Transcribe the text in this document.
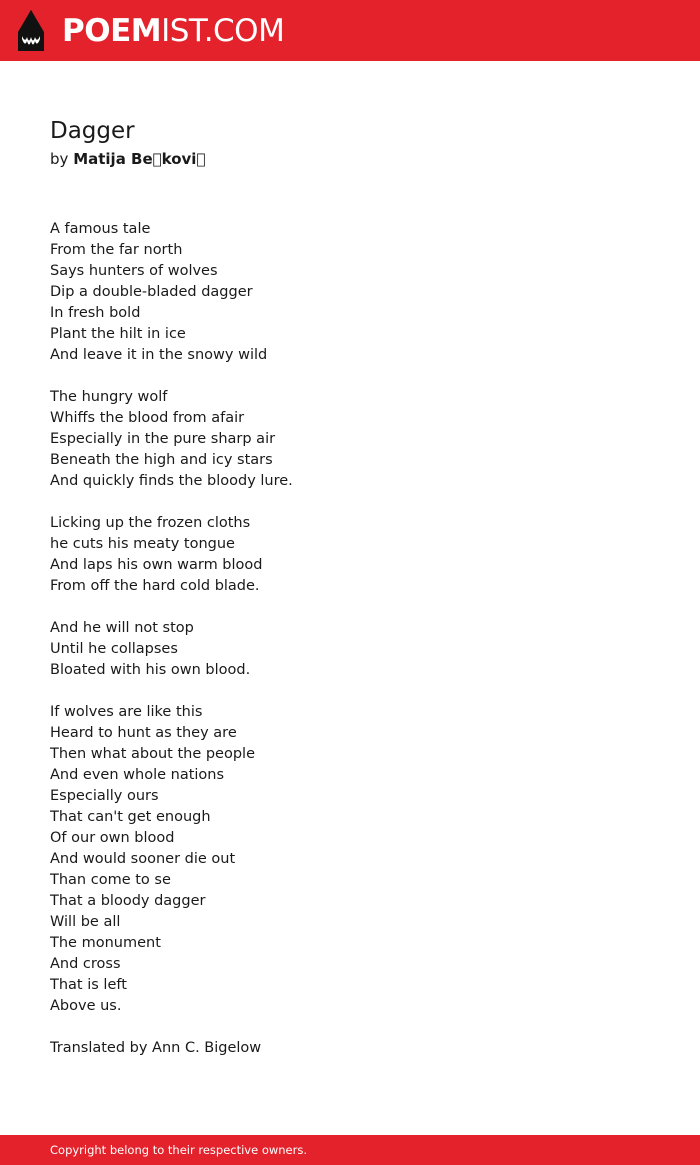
POEMIST.COM
Dagger
by Matija Be kovi 
A famous tale
From the far north
Says hunters of wolves
Dip a double-bladed dagger
In fresh bold
Plant the hilt in ice
And leave it in the snowy wild
The hungry wolf
Whiffs the blood from afair
Especially in the pure sharp air
Beneath the high and icy stars
And quickly finds the bloody lure.
Licking up the frozen cloths
he cuts his meaty tongue
And laps his own warm blood
From off the hard cold blade.
And he will not stop
Until he collapses
Bloated with his own blood.
If wolves are like this
Heard to hunt as they are
Then what about the people
And even whole nations
Especially ours
That can't get enough
Of our own blood
And would sooner die out
Than come to se
That a bloody dagger
Will be all
The monument
And cross
That is left
Above us.
Translated by Ann C. Bigelow
Copyright belong to their respective owners.
